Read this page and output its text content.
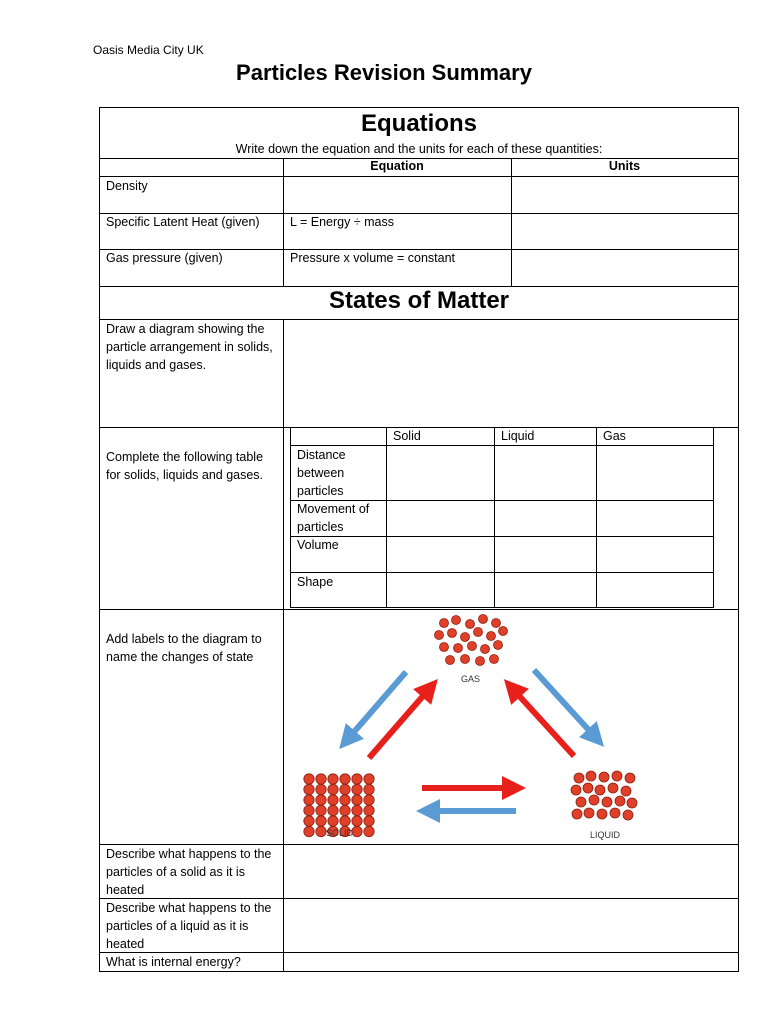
Oasis Media City UK
Particles Revision Summary
Equations
Write down the equation and the units for each of these quantities:
Equation	Units
Density
Specific Latent Heat (given)	L = Energy ÷ mass
Gas pressure (given)	Pressure x volume = constant
States of Matter
Draw a diagram showing the particle arrangement in solids, liquids and gases.
Complete the following table for solids, liquids and gases.
Solid	Liquid	Gas
Distance between particles
Movement of particles
Volume
Shape
Add labels to the diagram to name the changes of state
GAS
SOLID	LIQUID
Describe what happens to the particles of a solid as it is heated
Describe what happens to the particles of a liquid as it is heated
What is internal energy?
